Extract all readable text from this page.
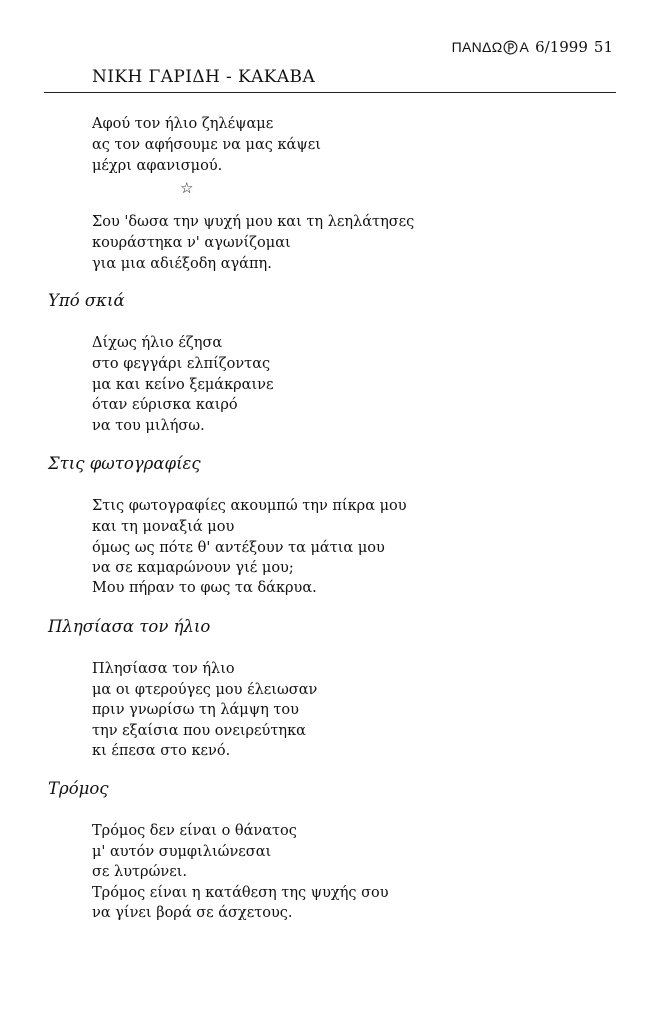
ΠΑΝΔΩ Α 6/1999 51
ΝΙΚΗ ΓΑΡΙΔΗ - ΚΑΚΑΒΑ
Αφού τον ήλιο ζηλέψαμε
ας τον αφήσουμε να μας κάψει
μέχρι αφανισμού.
☆
Σου 'δωσα την ψυχή μου και τη λεηλάτησες
κουράστηκα ν' αγωνίζομαι
για μια αδιέξοδη αγάπη.
Υπό σκιά
Δίχως ήλιο έζησα
στο φεγγάρι ελπίζοντας
μα και κείνο ξεμάκραινε
όταν εύρισκα καιρό
να του μιλήσω.
Στις φωτογραφίες
Στις φωτογραφίες ακουμπώ την πίκρα μου
και τη μοναξιά μου
όμως ως πότε θ' αντέξουν τα μάτια μου
να σε καμαρώνουν γιέ μου;
Μου πήραν το φως τα δάκρυα.
Πλησίασα τον ήλιο
Πλησίασα τον ήλιο
μα οι φτερούγες μου έλειωσαν
πριν γνωρίσω τη λάμψη του
την εξαίσια που ονειρεύτηκα
κι έπεσα στο κενό.
Τρόμος
Τρόμος δεν είναι ο θάνατος
μ' αυτόν συμφιλιώνεσαι
σε λυτρώνει.
Τρόμος είναι η κατάθεση της ψυχής σου
να γίνει βορά σε άσχετους.
